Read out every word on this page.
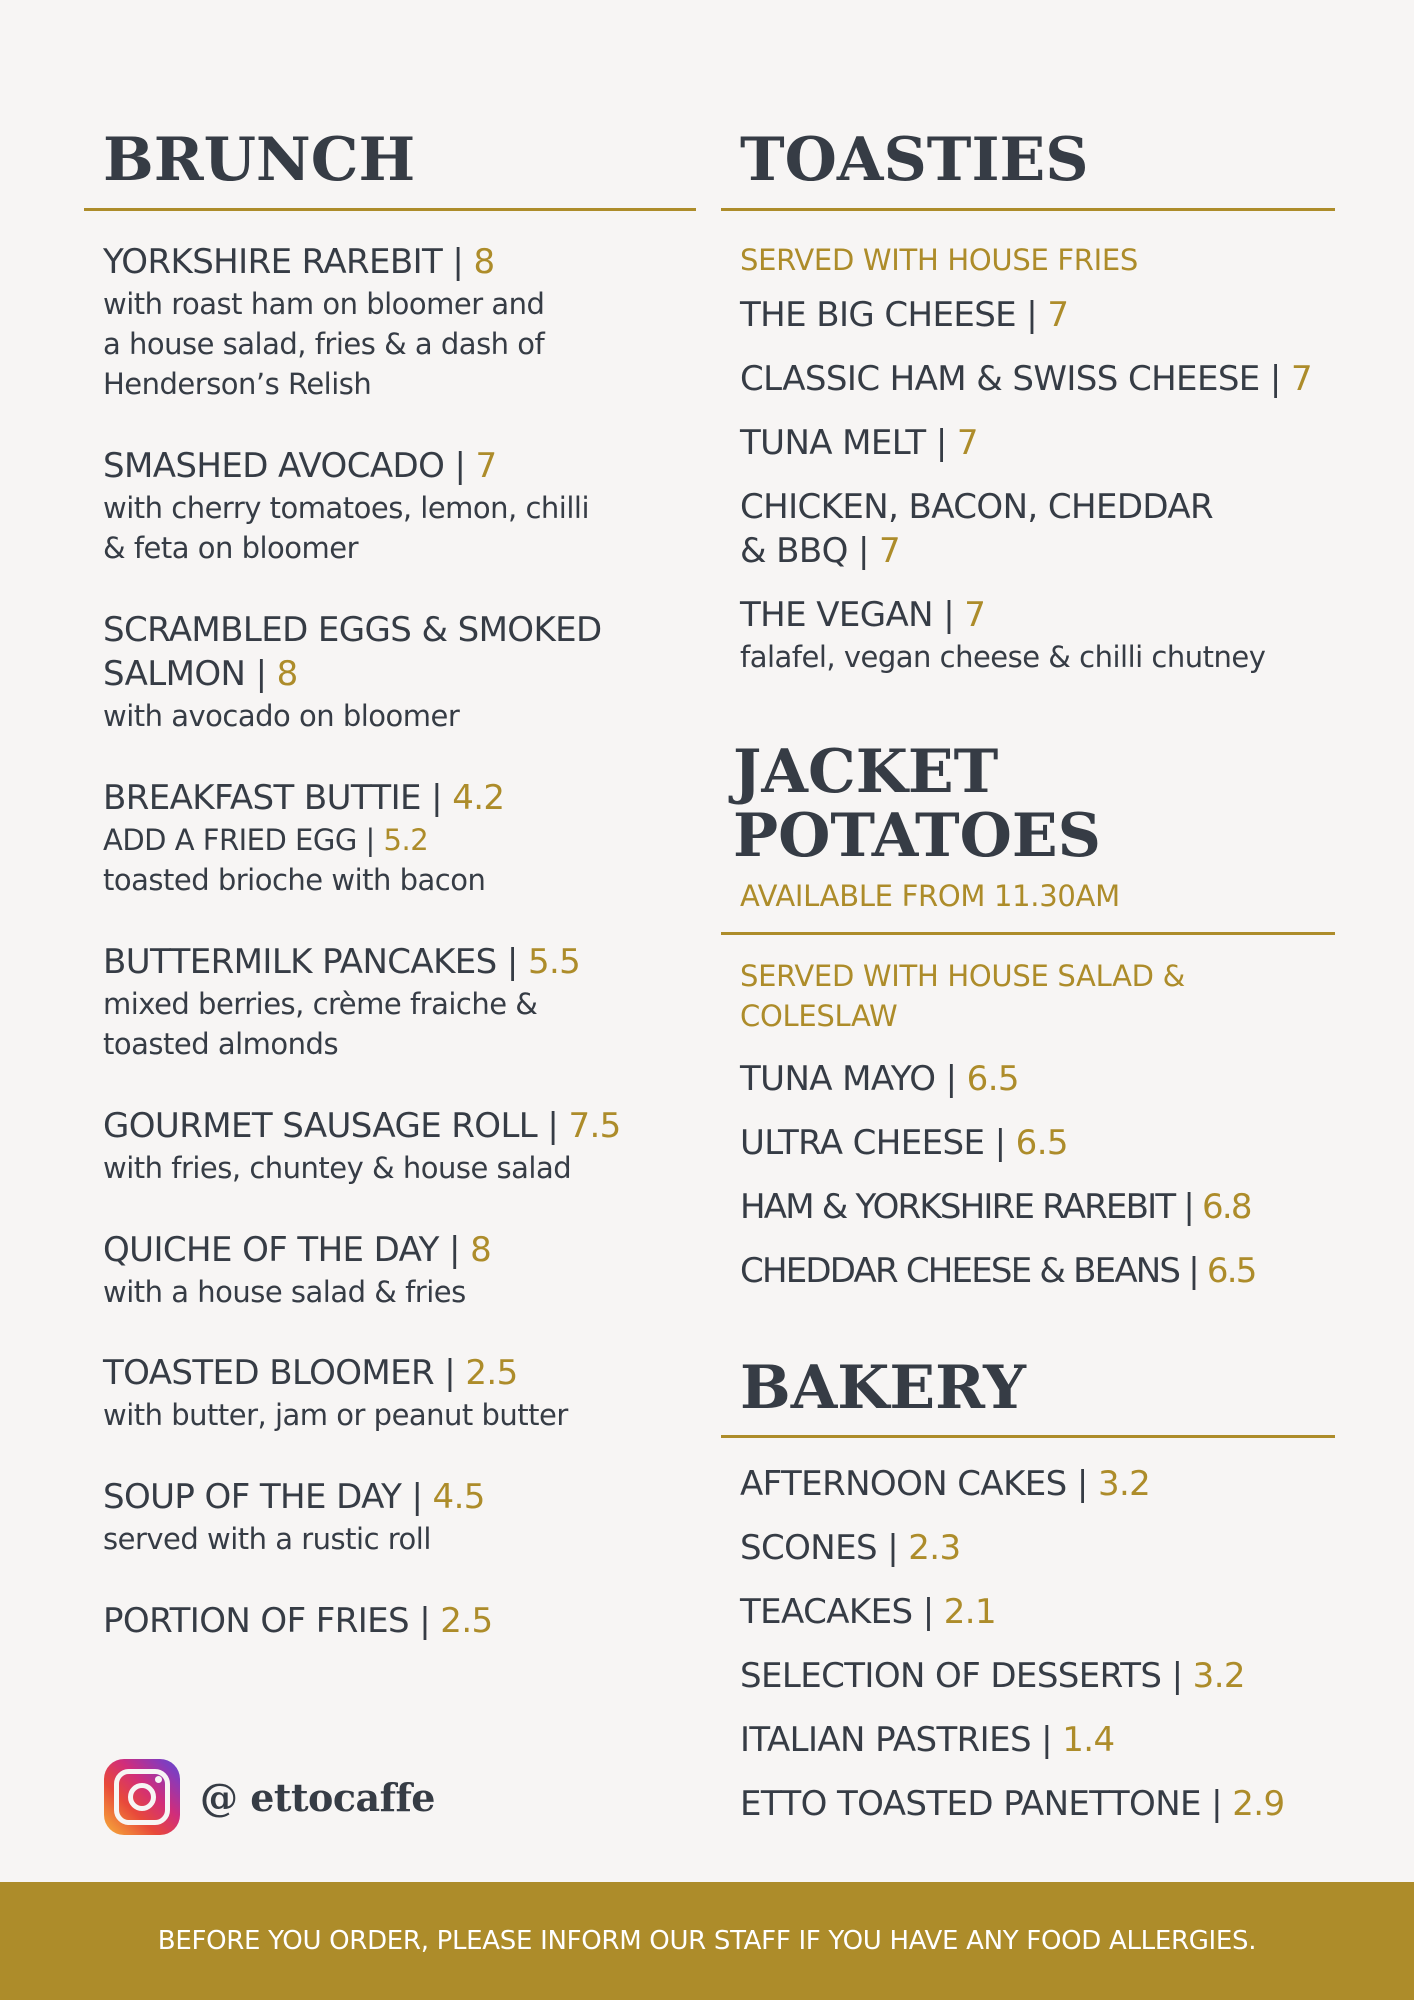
BRUNCH
YORKSHIRE RAREBIT | 8
with roast ham on bloomer and
a house salad, fries & a dash of
Henderson’s Relish
SMASHED AVOCADO | 7
with cherry tomatoes, lemon, chilli
& feta on bloomer
SCRAMBLED EGGS & SMOKED
SALMON | 8
with avocado on bloomer
BREAKFAST BUTTIE | 4.2
ADD A FRIED EGG | 5.2
toasted brioche with bacon
BUTTERMILK PANCAKES | 5.5
mixed berries, crème fraiche &
toasted almonds
GOURMET SAUSAGE ROLL | 7.5
with fries, chuntey & house salad
QUICHE OF THE DAY | 8
with a house salad & fries
TOASTED BLOOMER | 2.5
with butter, jam or peanut butter
SOUP OF THE DAY | 4.5
served with a rustic roll
PORTION OF FRIES | 2.5
@ ettocaffe
TOASTIES
SERVED WITH HOUSE FRIES
THE BIG CHEESE | 7
CLASSIC HAM & SWISS CHEESE | 7
TUNA MELT | 7
CHICKEN, BACON, CHEDDAR
& BBQ | 7
THE VEGAN | 7
falafel, vegan cheese & chilli chutney
JACKET
POTATOES
AVAILABLE FROM 11.30AM
SERVED WITH HOUSE SALAD &
COLESLAW
TUNA MAYO | 6.5
ULTRA CHEESE | 6.5
HAM & YORKSHIRE RAREBIT | 6.8
CHEDDAR CHEESE & BEANS | 6.5
BAKERY
AFTERNOON CAKES | 3.2
SCONES | 2.3
TEACAKES | 2.1
SELECTION OF DESSERTS | 3.2
ITALIAN PASTRIES | 1.4
ETTO TOASTED PANETTONE | 2.9
BEFORE YOU ORDER, PLEASE INFORM OUR STAFF IF YOU HAVE ANY FOOD ALLERGIES.
